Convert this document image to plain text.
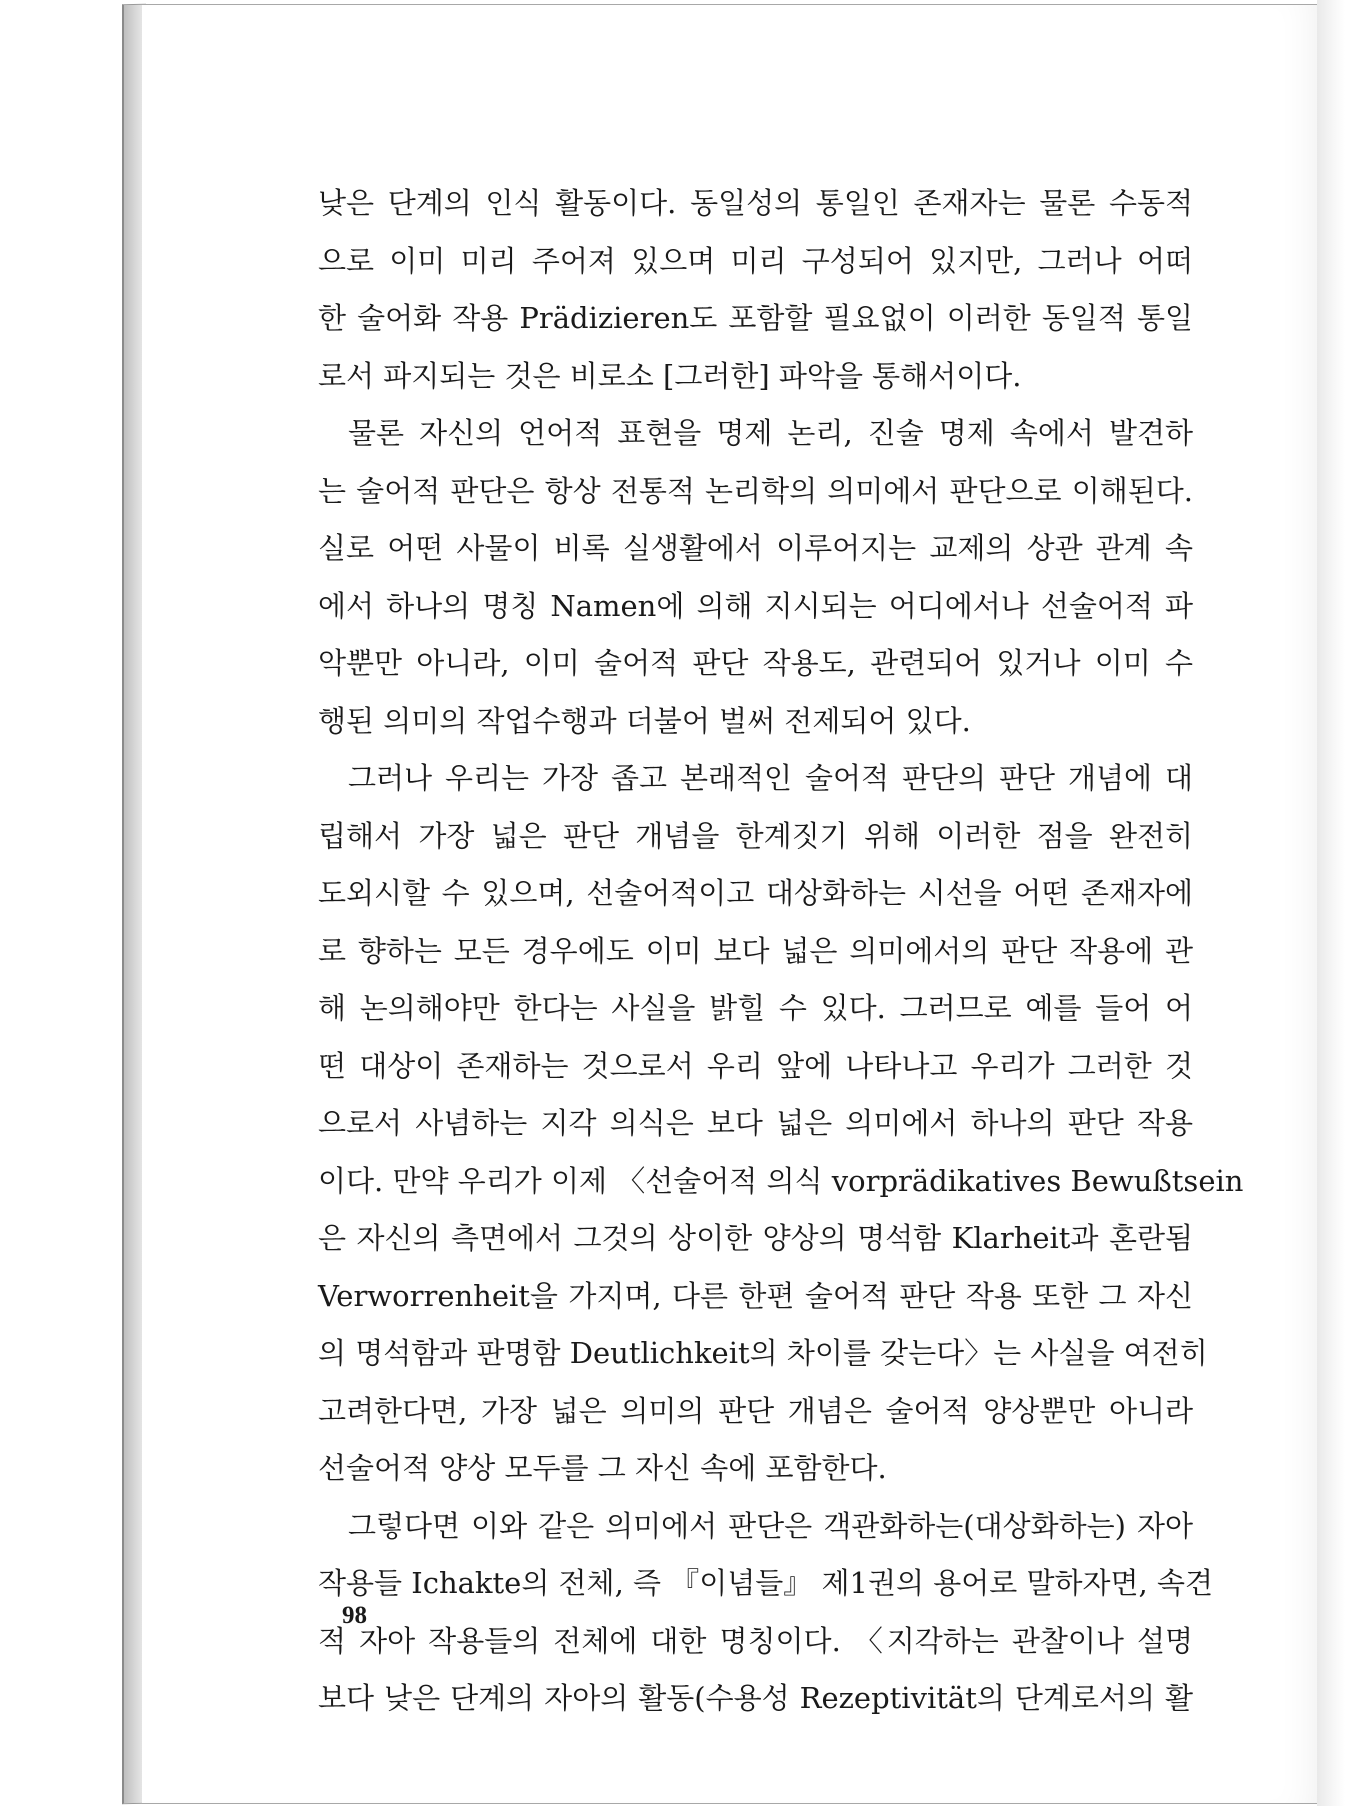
낮은 단계의 인식 활동이다. 동일성의 통일인 존재자는 물론 수동적
으로 이미 미리 주어져 있으며 미리 구성되어 있지만, 그러나 어떠
한 술어화 작용 Prädizieren도 포함할 필요없이 이러한 동일적 통일
로서 파지되는 것은 비로소 [그러한] 파악을 통해서이다.
물론 자신의 언어적 표현을 명제 논리, 진술 명제 속에서 발견하
는 술어적 판단은 항상 전통적 논리학의 의미에서 판단으로 이해된다.
실로 어떤 사물이 비록 실생활에서 이루어지는 교제의 상관 관계 속
에서 하나의 명칭 Namen에 의해 지시되는 어디에서나 선술어적 파
악뿐만 아니라, 이미 술어적 판단 작용도, 관련되어 있거나 이미 수
행된 의미의 작업수행과 더불어 벌써 전제되어 있다.
그러나 우리는 가장 좁고 본래적인 술어적 판단의 판단 개념에 대
립해서 가장 넓은 판단 개념을 한계짓기 위해 이러한 점을 완전히
도외시할 수 있으며, 선술어적이고 대상화하는 시선을 어떤 존재자에
로 향하는 모든 경우에도 이미 보다 넓은 의미에서의 판단 작용에 관
해 논의해야만 한다는 사실을 밝힐 수 있다. 그러므로 예를 들어 어
떤 대상이 존재하는 것으로서 우리 앞에 나타나고 우리가 그러한 것
으로서 사념하는 지각 의식은 보다 넓은 의미에서 하나의 판단 작용
이다. 만약 우리가 이제 〈선술어적 의식 vorprädikatives Bewußtsein
은 자신의 측면에서 그것의 상이한 양상의 명석함 Klarheit과 혼란됨
Verworrenheit을 가지며, 다른 한편 술어적 판단 작용 또한 그 자신
의 명석함과 판명함 Deutlichkeit의 차이를 갖는다〉는 사실을 여전히
고려한다면, 가장 넓은 의미의 판단 개념은 술어적 양상뿐만 아니라
선술어적 양상 모두를 그 자신 속에 포함한다.
그렇다면 이와 같은 의미에서 판단은 객관화하는(대상화하는) 자아
작용들 Ichakte의 전체, 즉 『이념들』 제1권의 용어로 말하자면, 속견
적 자아 작용들의 전체에 대한 명칭이다. 〈지각하는 관찰이나 설명
보다 낮은 단계의 자아의 활동(수용성 Rezeptivität의 단계로서의 활
98
